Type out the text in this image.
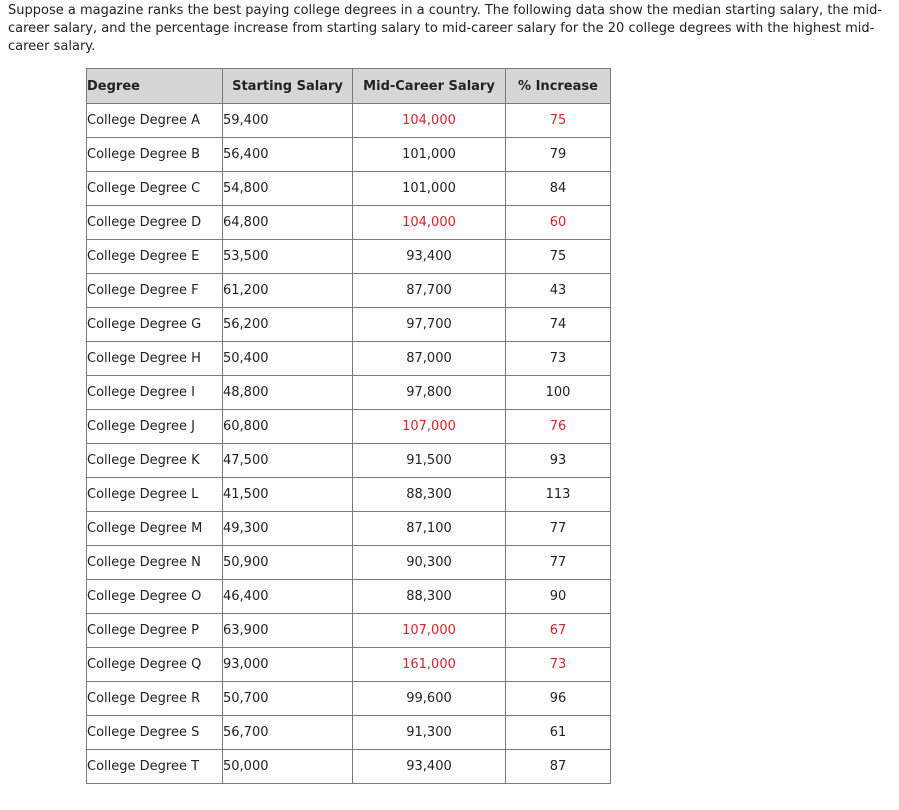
Suppose a magazine ranks the best paying college degrees in a country. The following data show the median starting salary, the mid-career salary, and the percentage increase from starting salary to mid-career salary for the 20 college degrees with the highest mid-career salary.

Degree	Starting Salary	Mid-Career Salary	% Increase
College Degree A	59,400	104,000	75
College Degree B	56,400	101,000	79
College Degree C	54,800	101,000	84
College Degree D	64,800	104,000	60
College Degree E	53,500	93,400	75
College Degree F	61,200	87,700	43
College Degree G	56,200	97,700	74
College Degree H	50,400	87,000	73
College Degree I	48,800	97,800	100
College Degree J	60,800	107,000	76
College Degree K	47,500	91,500	93
College Degree L	41,500	88,300	113
College Degree M	49,300	87,100	77
College Degree N	50,900	90,300	77
College Degree O	46,400	88,300	90
College Degree P	63,900	107,000	67
College Degree Q	93,000	161,000	73
College Degree R	50,700	99,600	96
College Degree S	56,700	91,300	61
College Degree T	50,000	93,400	87
